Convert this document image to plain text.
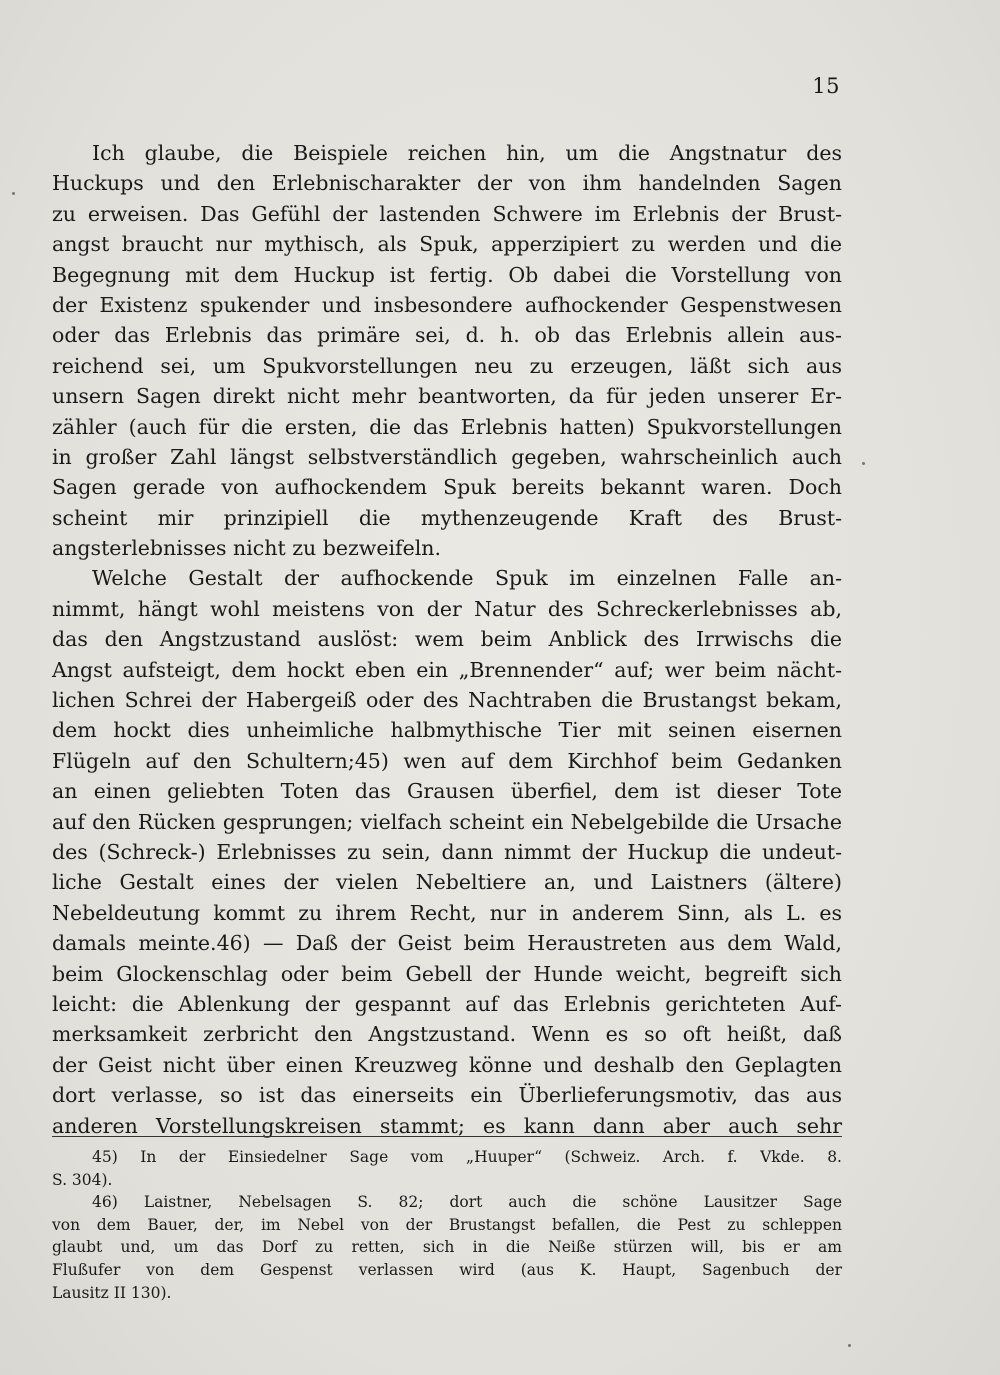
15
Ich glaube, die Beispiele reichen hin, um die Angstnatur des
Huckups und den Erlebnischarakter der von ihm handelnden Sagen
zu erweisen. Das Gefühl der lastenden Schwere im Erlebnis der Brust-
angst braucht nur mythisch, als Spuk, apperzipiert zu werden und die
Begegnung mit dem Huckup ist fertig. Ob dabei die Vorstellung von
der Existenz spukender und insbesondere aufhockender Gespenstwesen
oder das Erlebnis das primäre sei, d. h. ob das Erlebnis allein aus-
reichend sei, um Spukvorstellungen neu zu erzeugen, läßt sich aus
unsern Sagen direkt nicht mehr beantworten, da für jeden unserer Er-
zähler (auch für die ersten, die das Erlebnis hatten) Spukvorstellungen
in großer Zahl längst selbstverständlich gegeben, wahrscheinlich auch
Sagen gerade von aufhockendem Spuk bereits bekannt waren. Doch
scheint mir prinzipiell die mythenzeugende Kraft des Brust-
angsterlebnisses nicht zu bezweifeln.
Welche Gestalt der aufhockende Spuk im einzelnen Falle an-
nimmt, hängt wohl meistens von der Natur des Schreckerlebnisses ab,
das den Angstzustand auslöst: wem beim Anblick des Irrwischs die
Angst aufsteigt, dem hockt eben ein „Brennender“ auf; wer beim nächt-
lichen Schrei der Habergeiß oder des Nachtraben die Brustangst bekam,
dem hockt dies unheimliche halbmythische Tier mit seinen eisernen
Flügeln auf den Schultern;45) wen auf dem Kirchhof beim Gedanken
an einen geliebten Toten das Grausen überfiel, dem ist dieser Tote
auf den Rücken gesprungen; vielfach scheint ein Nebelgebilde die Ursache
des (Schreck-) Erlebnisses zu sein, dann nimmt der Huckup die undeut-
liche Gestalt eines der vielen Nebeltiere an, und Laistners (ältere)
Nebeldeutung kommt zu ihrem Recht, nur in anderem Sinn, als L. es
damals meinte.46) — Daß der Geist beim Heraustreten aus dem Wald,
beim Glockenschlag oder beim Gebell der Hunde weicht, begreift sich
leicht: die Ablenkung der gespannt auf das Erlebnis gerichteten Auf-
merksamkeit zerbricht den Angstzustand. Wenn es so oft heißt, daß
der Geist nicht über einen Kreuzweg könne und deshalb den Geplagten
dort verlasse, so ist das einerseits ein Überlieferungsmotiv, das aus
anderen Vorstellungskreisen stammt; es kann dann aber auch sehr
45) In der Einsiedelner Sage vom „Huuper“ (Schweiz. Arch. f. Vkde. 8.
S. 304).
46) Laistner, Nebelsagen S. 82; dort auch die schöne Lausitzer Sage
von dem Bauer, der, im Nebel von der Brustangst befallen, die Pest zu schleppen
glaubt und, um das Dorf zu retten, sich in die Neiße stürzen will, bis er am
Flußufer von dem Gespenst verlassen wird (aus K. Haupt, Sagenbuch der
Lausitz II 130).
